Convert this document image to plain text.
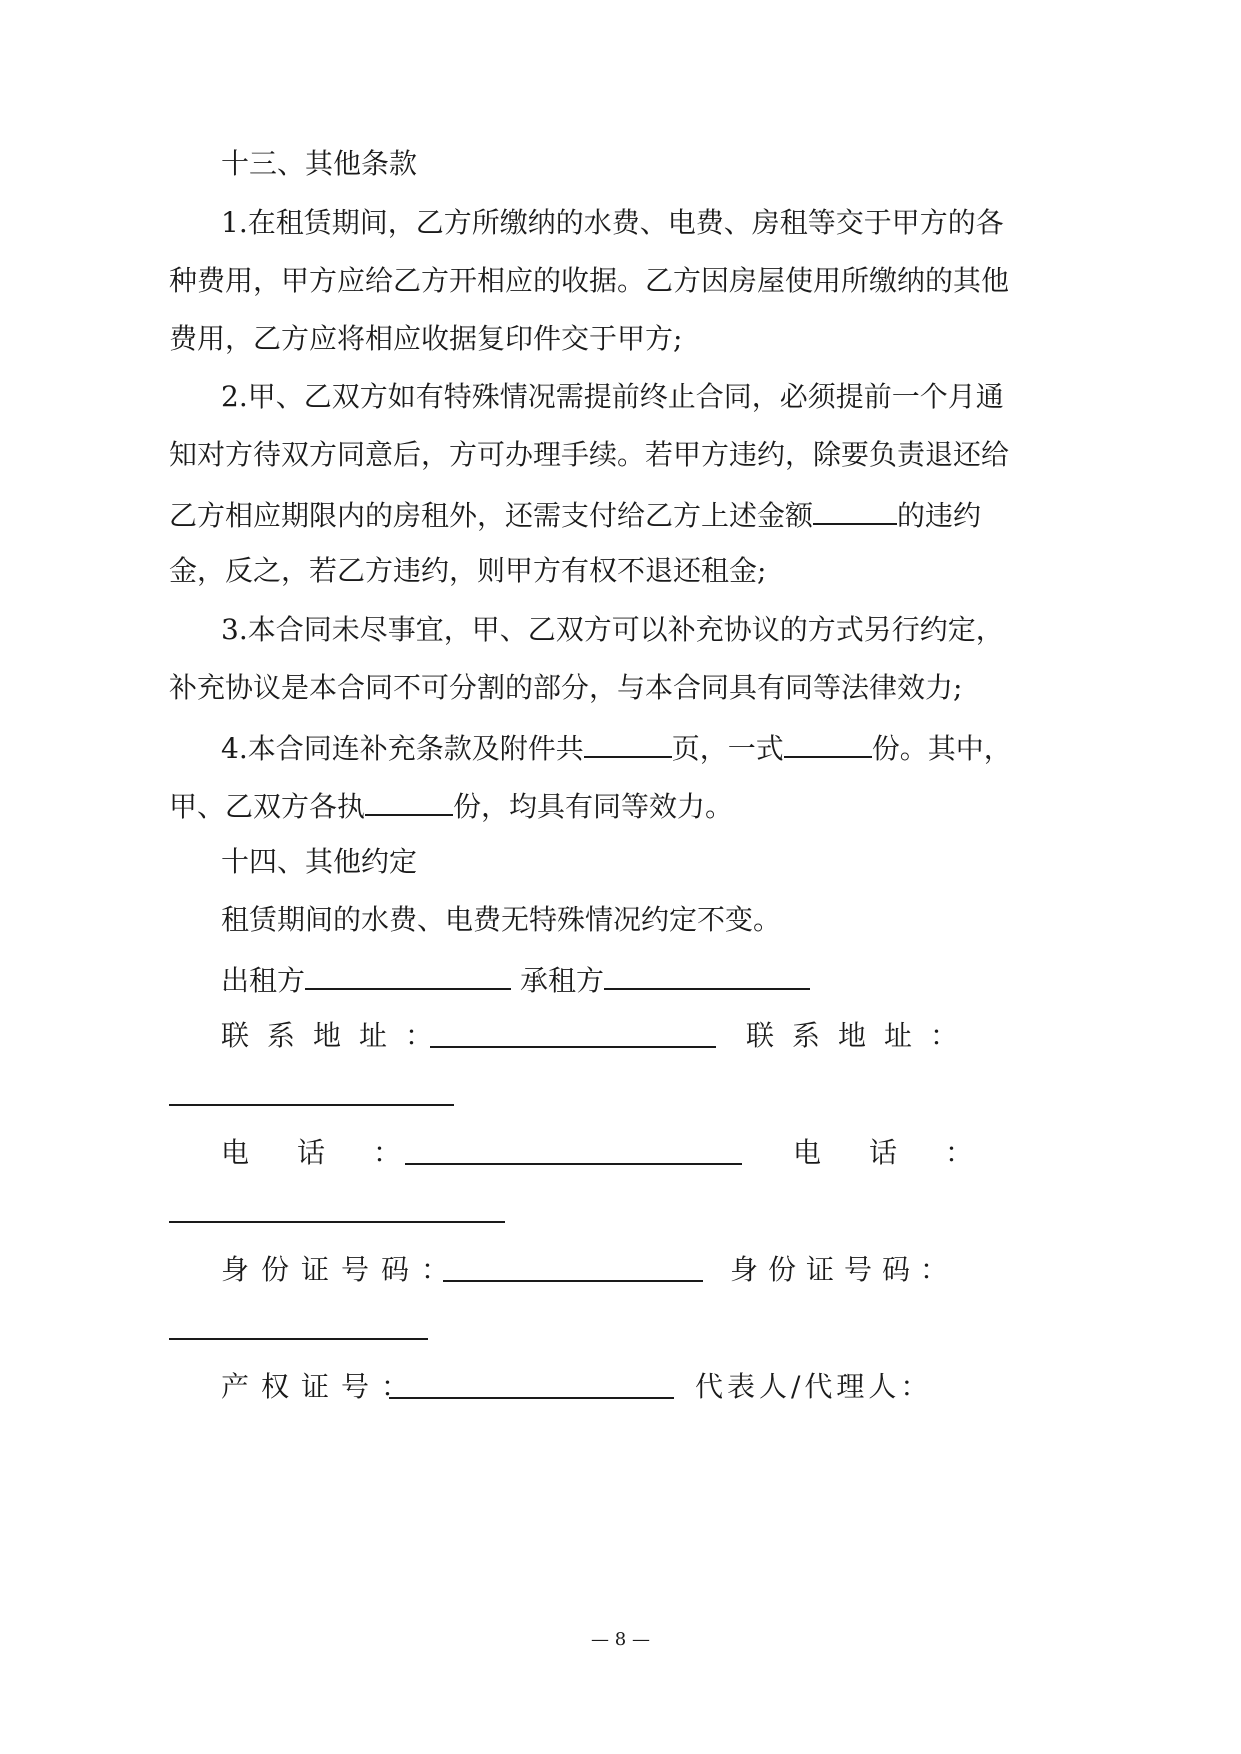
十三、其他条款
1.在租赁期间，乙方所缴纳的水费、电费、房租等交于甲方的各
种费用，甲方应给乙方开相应的收据。乙方因房屋使用所缴纳的其他
费用，乙方应将相应收据复印件交于甲方;
2.甲、乙双方如有特殊情况需提前终止合同，必须提前一个月通
知对方待双方同意后，方可办理手续。若甲方违约，除要负责退还给
乙方相应期限内的房租外，还需支付给乙方上述金额	的违约
金，反之，若乙方违约，则甲方有权不退还租金;
3.本合同未尽事宜，甲、乙双方可以补充协议的方式另行约定，
补充协议是本合同不可分割的部分，与本合同具有同等法律效力;
4.本合同连补充条款及附件共	页，一式	份。其中，
甲、乙双方各执	份，均具有同等效力。
十四、其他约定
租赁期间的水费、电费无特殊情况约定不变。
出租方	承租方
联系地址：	联系地址：
电话：	电话：
身份证号码：	身份证号码：
产权证号：	代表人/代理人：
— 8 —
